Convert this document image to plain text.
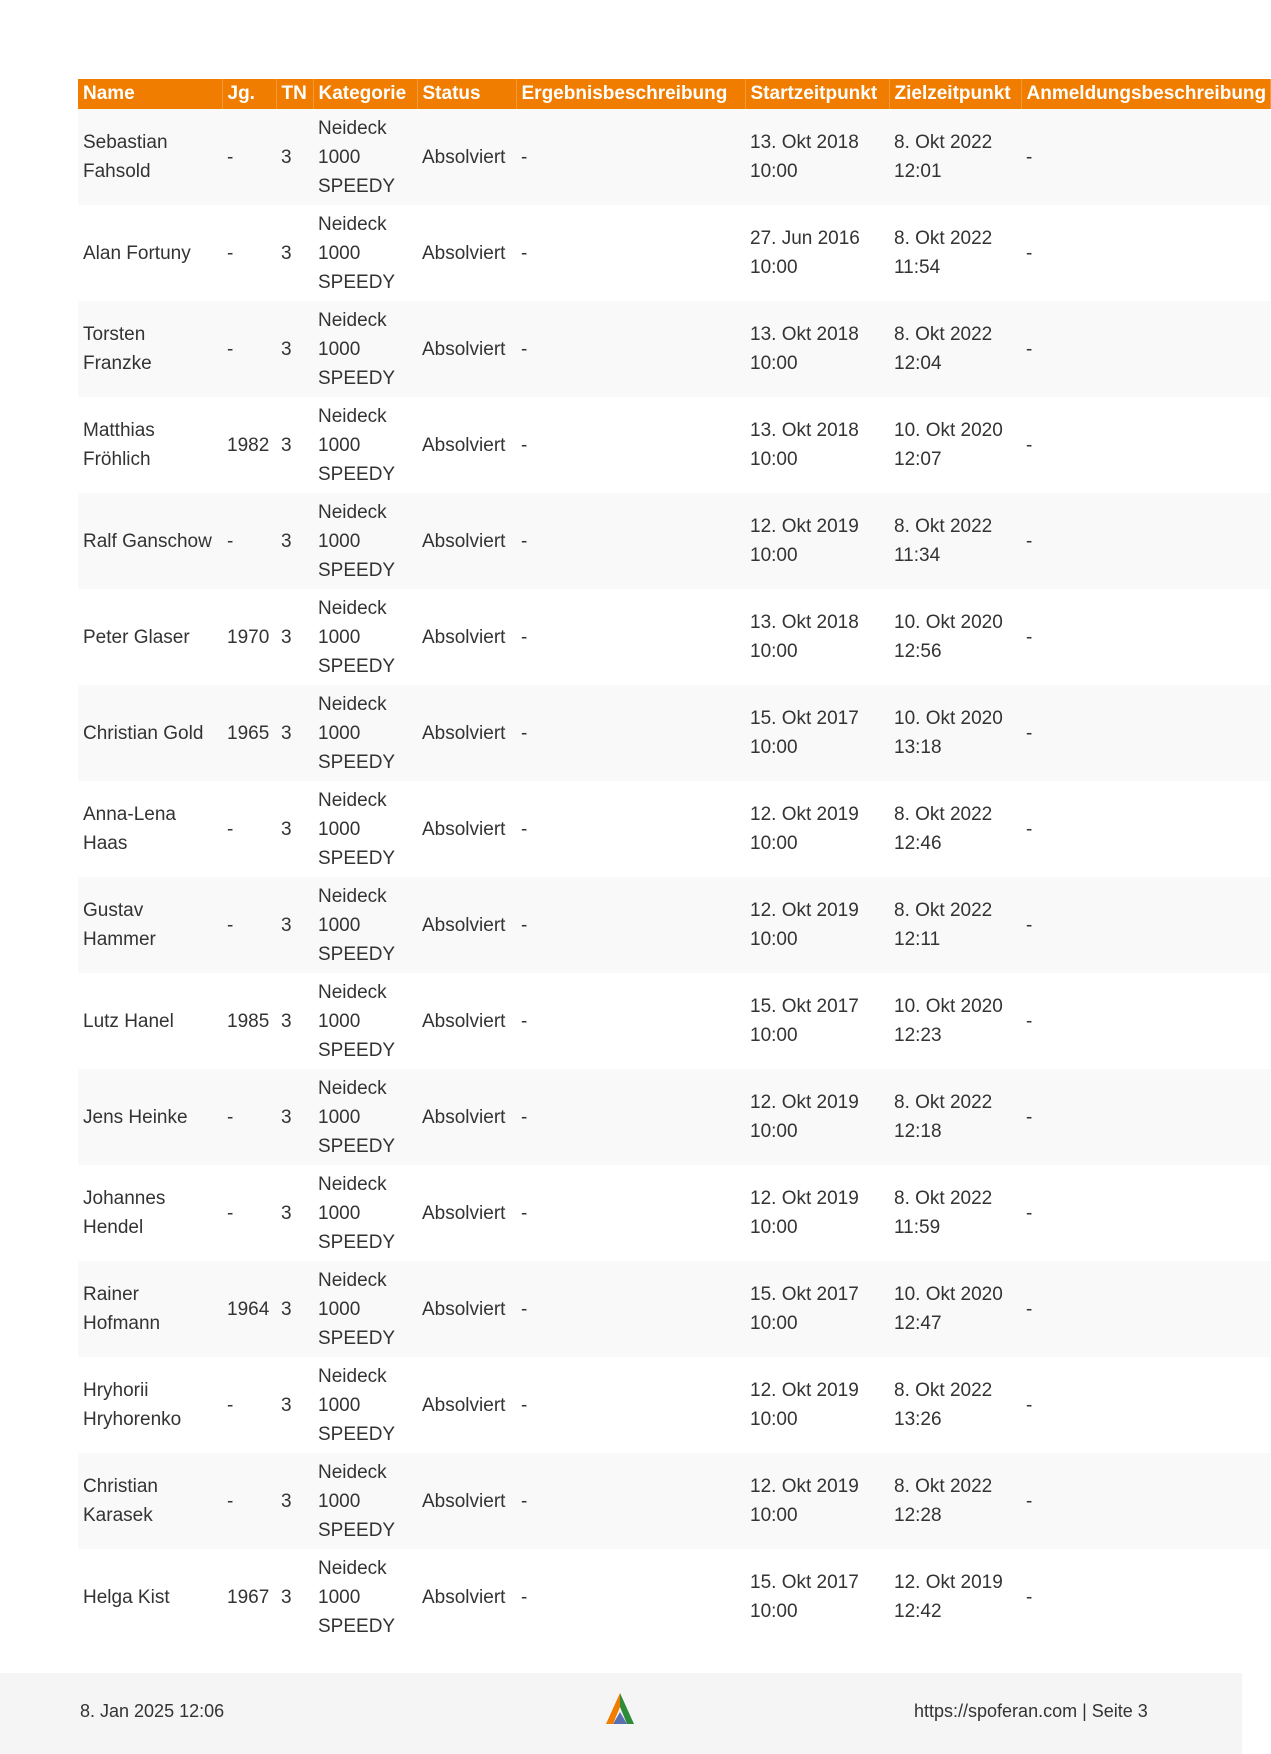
Name	Jg.	TN	Kategorie	Status	Ergebnisbeschreibung	Startzeitpunkt	Zielzeitpunkt	Anmeldungsbeschreibung
Sebastian Fahsold	-	3	Neideck 1000 SPEEDY	Absolviert	-	13. Okt 2018 10:00	8. Okt 2022 12:01	-
Alan Fortuny	-	3	Neideck 1000 SPEEDY	Absolviert	-	27. Jun 2016 10:00	8. Okt 2022 11:54	-
Torsten Franzke	-	3	Neideck 1000 SPEEDY	Absolviert	-	13. Okt 2018 10:00	8. Okt 2022 12:04	-
Matthias Fröhlich	1982	3	Neideck 1000 SPEEDY	Absolviert	-	13. Okt 2018 10:00	10. Okt 2020 12:07	-
Ralf Ganschow	-	3	Neideck 1000 SPEEDY	Absolviert	-	12. Okt 2019 10:00	8. Okt 2022 11:34	-
Peter Glaser	1970	3	Neideck 1000 SPEEDY	Absolviert	-	13. Okt 2018 10:00	10. Okt 2020 12:56	-
Christian Gold	1965	3	Neideck 1000 SPEEDY	Absolviert	-	15. Okt 2017 10:00	10. Okt 2020 13:18	-
Anna-Lena Haas	-	3	Neideck 1000 SPEEDY	Absolviert	-	12. Okt 2019 10:00	8. Okt 2022 12:46	-
Gustav Hammer	-	3	Neideck 1000 SPEEDY	Absolviert	-	12. Okt 2019 10:00	8. Okt 2022 12:11	-
Lutz Hanel	1985	3	Neideck 1000 SPEEDY	Absolviert	-	15. Okt 2017 10:00	10. Okt 2020 12:23	-
Jens Heinke	-	3	Neideck 1000 SPEEDY	Absolviert	-	12. Okt 2019 10:00	8. Okt 2022 12:18	-
Johannes Hendel	-	3	Neideck 1000 SPEEDY	Absolviert	-	12. Okt 2019 10:00	8. Okt 2022 11:59	-
Rainer Hofmann	1964	3	Neideck 1000 SPEEDY	Absolviert	-	15. Okt 2017 10:00	10. Okt 2020 12:47	-
Hryhorii Hryhorenko	-	3	Neideck 1000 SPEEDY	Absolviert	-	12. Okt 2019 10:00	8. Okt 2022 13:26	-
Christian Karasek	-	3	Neideck 1000 SPEEDY	Absolviert	-	12. Okt 2019 10:00	8. Okt 2022 12:28	-
Helga Kist	1967	3	Neideck 1000 SPEEDY	Absolviert	-	15. Okt 2017 10:00	12. Okt 2019 12:42	-
8. Jan 2025 12:06	https://spoferan.com | Seite 3
